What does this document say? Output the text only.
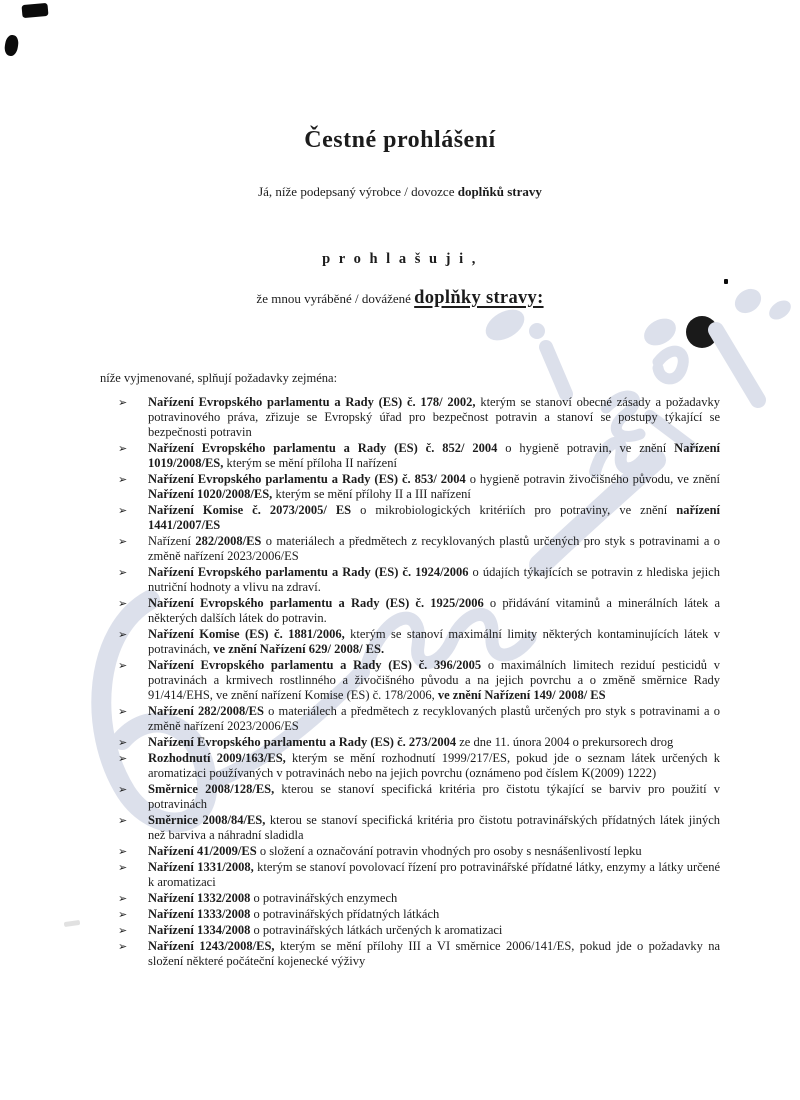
Čestné prohlášení
Já, níže podepsaný výrobce / dovozce doplňků stravy
p r o h l a š u j i ,
že mnou vyráběné / dovážené doplňky stravy:
níže vyjmenované, splňují požadavky zejména:
➢	Nařízení Evropského parlamentu a Rady (ES) č. 178/ 2002, kterým se stanoví obecné zásady a požadavky potravinového práva, zřizuje se Evropský úřad pro bezpečnost potravin a stanoví se postupy týkající se bezpečnosti potravin
➢	Nařízení Evropského parlamentu a Rady (ES) č. 852/ 2004 o hygieně potravin, ve znění Nařízení 1019/2008/ES, kterým se mění příloha II nařízení
➢	Nařízení Evropského parlamentu a Rady (ES) č. 853/ 2004 o hygieně potravin živočišného původu, ve znění Nařízení 1020/2008/ES, kterým se mění přílohy II a III nařízení
➢	Nařízení Komise č. 2073/2005/ ES o mikrobiologických kritériích pro potraviny, ve znění nařízení 1441/2007/ES
➢	Nařízení 282/2008/ES o materiálech a předmětech z recyklovaných plastů určených pro styk s potravinami a o změně nařízení 2023/2006/ES
➢	Nařízení Evropského parlamentu a Rady (ES) č. 1924/2006 o údajích týkajících se potravin z hlediska jejich nutriční hodnoty a vlivu na zdraví.
➢	Nařízení Evropského parlamentu a Rady (ES) č. 1925/2006 o přidávání vitaminů a minerálních látek a některých dalších látek do potravin.
➢	Nařízení Komise (ES) č. 1881/2006, kterým se stanoví maximální limity některých kontaminujících látek v potravinách, ve znění Nařízení 629/ 2008/ ES.
➢	Nařízení Evropského parlamentu a Rady (ES) č. 396/2005 o maximálních limitech reziduí pesticidů v potravinách a krmivech rostlinného a živočišného původu a na jejich povrchu a o změně směrnice Rady 91/414/EHS, ve znění nařízení Komise (ES) č. 178/2006, ve znění Nařízení 149/ 2008/ ES
➢	Nařízení 282/2008/ES o materiálech a předmětech z recyklovaných plastů určených pro styk s potravinami a o změně nařízení 2023/2006/ES
➢	Nařízení Evropského parlamentu a Rady (ES) č. 273/2004 ze dne 11. února 2004 o prekursorech drog
➢	Rozhodnutí 2009/163/ES, kterým se mění rozhodnutí 1999/217/ES, pokud jde o seznam látek určených k aromatizaci používaných v potravinách nebo na jejich povrchu (oznámeno pod číslem K(2009) 1222)
➢	Směrnice 2008/128/ES, kterou se stanoví specifická kritéria pro čistotu týkající se barviv pro použití v potravinách
➢	Směrnice 2008/84/ES, kterou se stanoví specifická kritéria pro čistotu potravinářských přídatných látek jiných než barviva a náhradní sladidla
➢	Nařízení 41/2009/ES o složení a označování potravin vhodných pro osoby s nesnášenlivostí lepku
➢	Nařízení 1331/2008, kterým se stanoví povolovací řízení pro potravinářské přídatné látky, enzymy a látky určené k aromatizaci
➢	Nařízení 1332/2008 o potravinářských enzymech
➢	Nařízení 1333/2008 o potravinářských přídatných látkách
➢	Nařízení 1334/2008 o potravinářských látkách určených k aromatizaci
➢	Nařízení 1243/2008/ES, kterým se mění přílohy III a VI směrnice 2006/141/ES, pokud jde o požadavky na složení některé počáteční kojenecké výživy
